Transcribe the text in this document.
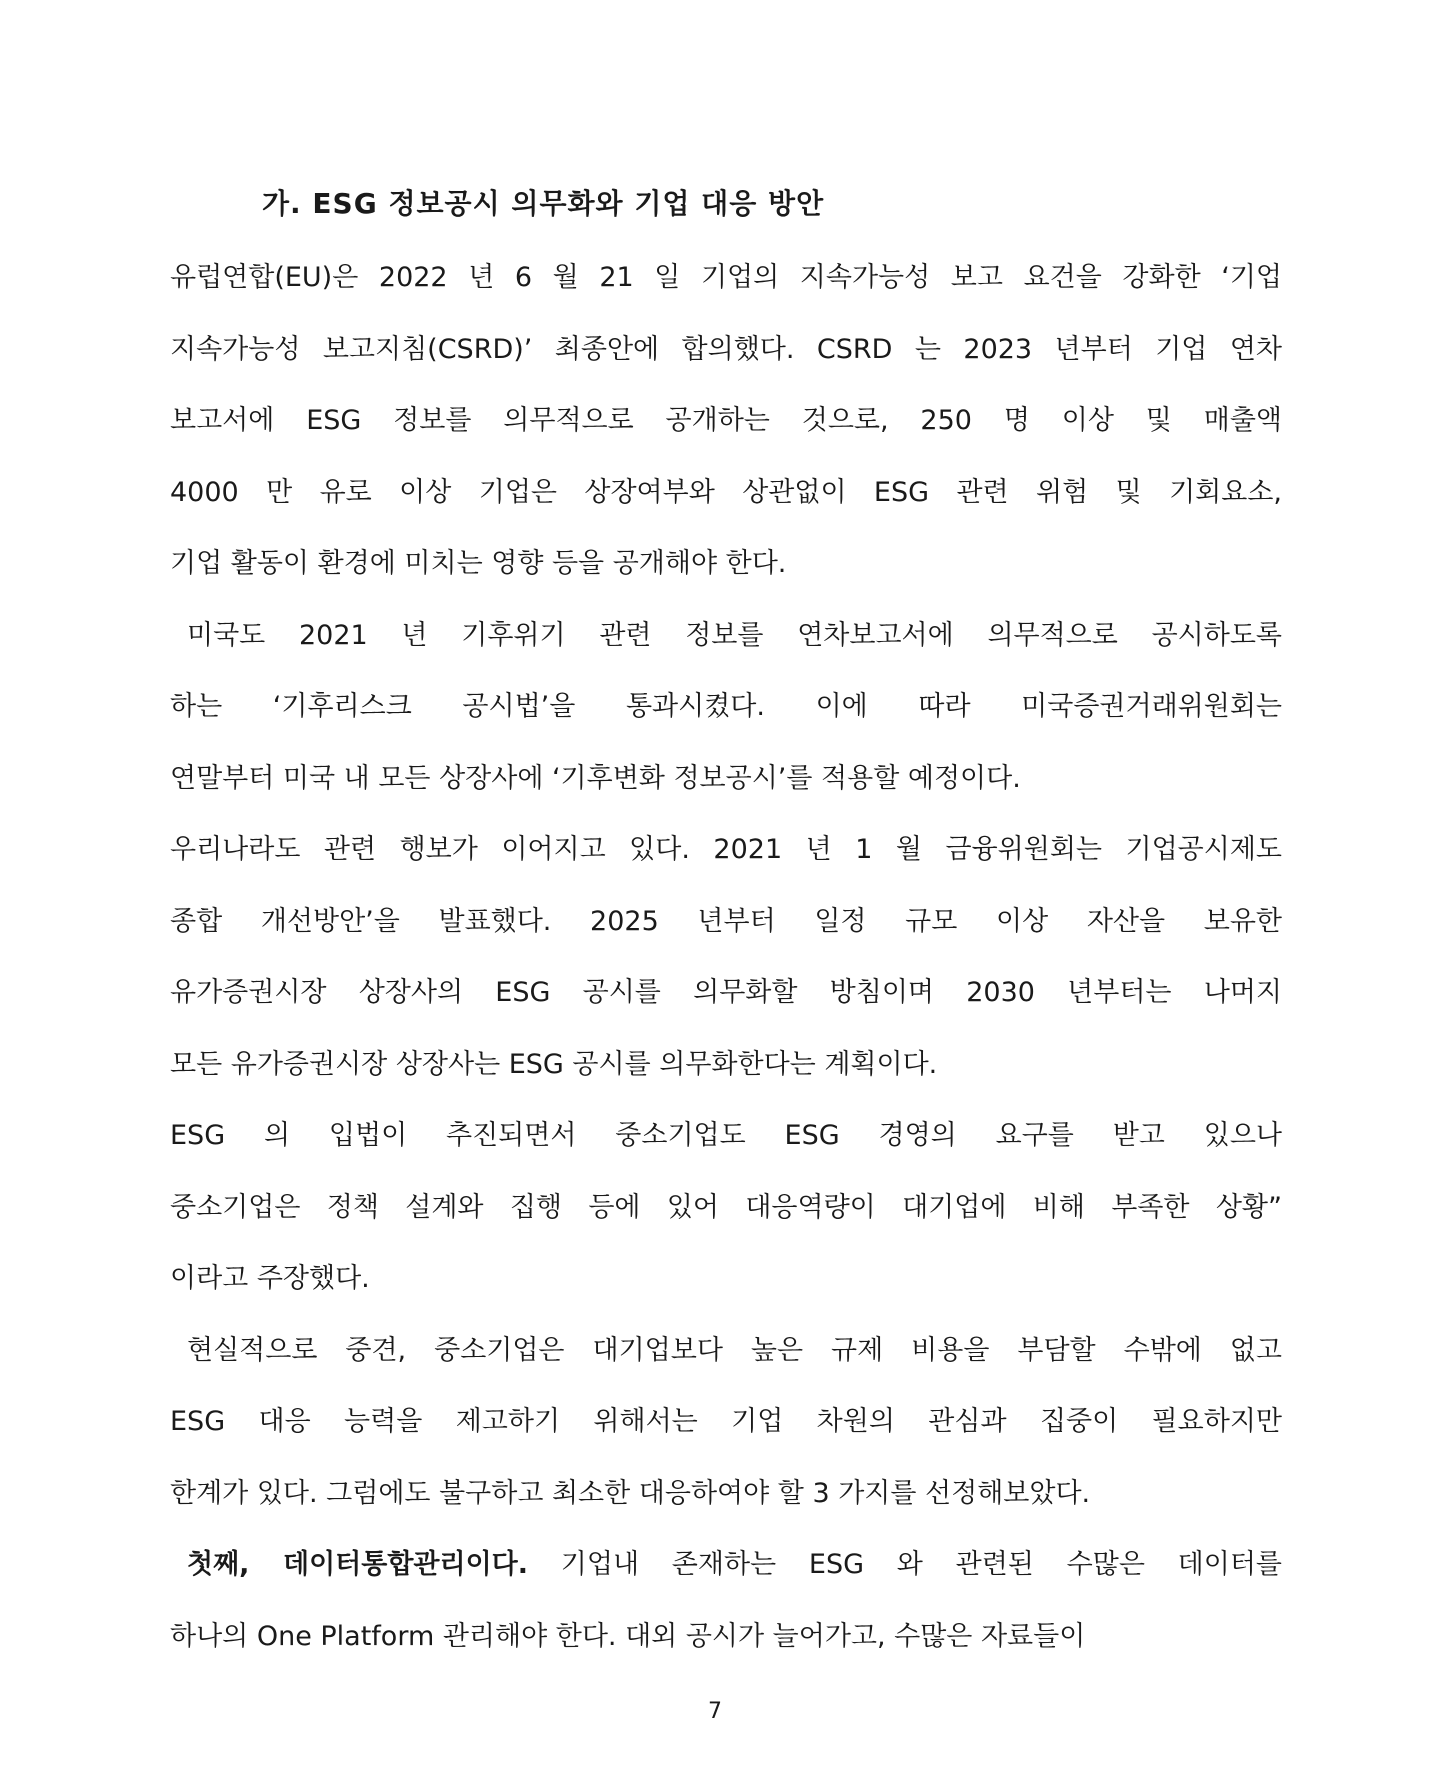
가. ESG 정보공시 의무화와 기업 대응 방안
유럽연합(EU)은 2022 년 6 월 21 일 기업의 지속가능성 보고 요건을 강화한 ‘기업
지속가능성 보고지침(CSRD)’ 최종안에 합의했다. CSRD 는 2023 년부터 기업 연차
보고서에 ESG 정보를 의무적으로 공개하는 것으로, 250 명 이상 및 매출액
4000 만 유로 이상 기업은 상장여부와 상관없이 ESG 관련 위험 및 기회요소,
기업 활동이 환경에 미치는 영향 등을 공개해야 한다.
미국도 2021 년 기후위기 관련 정보를 연차보고서에 의무적으로 공시하도록
하는 ‘기후리스크 공시법’을 통과시켰다. 이에 따라 미국증권거래위원회는
연말부터 미국 내 모든 상장사에 ‘기후변화 정보공시’를 적용할 예정이다.
우리나라도 관련 행보가 이어지고 있다. 2021 년 1 월 금융위원회는 기업공시제도
종합 개선방안’을 발표했다. 2025 년부터 일정 규모 이상 자산을 보유한
유가증권시장 상장사의 ESG 공시를 의무화할 방침이며 2030 년부터는 나머지
모든 유가증권시장 상장사는 ESG 공시를 의무화한다는 계획이다.
ESG 의 입법이 추진되면서 중소기업도 ESG 경영의 요구를 받고 있으나
중소기업은 정책 설계와 집행 등에 있어 대응역량이 대기업에 비해 부족한 상황”
이라고 주장했다.
현실적으로 중견, 중소기업은 대기업보다 높은 규제 비용을 부담할 수밖에 없고
ESG 대응 능력을 제고하기 위해서는 기업 차원의 관심과 집중이 필요하지만
한계가 있다. 그럼에도 불구하고 최소한 대응하여야 할 3 가지를 선정해보았다.
첫째, 데이터통합관리이다. 기업내 존재하는 ESG 와 관련된 수많은 데이터를
하나의 One Platform 관리해야 한다. 대외 공시가 늘어가고, 수많은 자료들이
7
